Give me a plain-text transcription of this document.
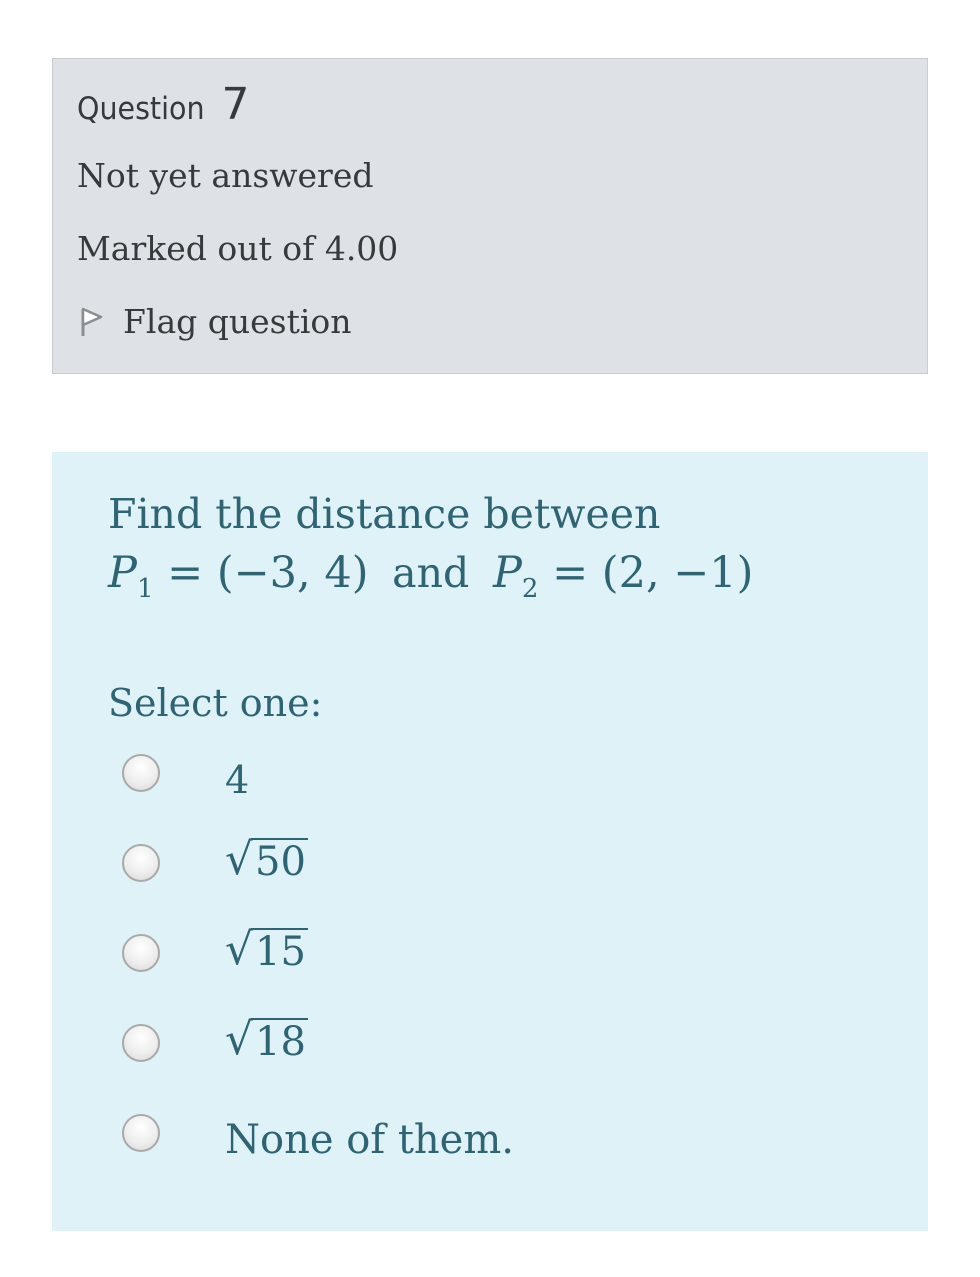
Question 7
Not yet answered
Marked out of 4.00
Flag question
Find the distance between
$P_1 = (-3$, 4) and $P_2 = (2$, −1)
Select one:
4
√ 50
√ 15
√ 18
None of them.
